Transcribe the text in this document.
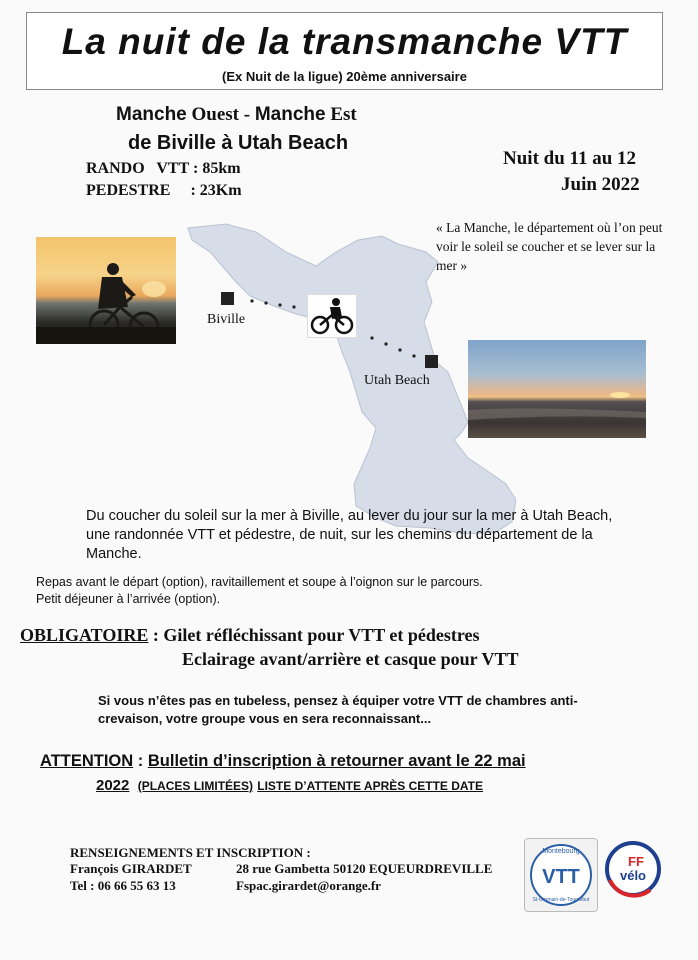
La nuit de la transmanche VTT
(Ex Nuit de la ligue) 20ème anniversaire
Manche Ouest - Manche Est
de Biville à Utah Beach
RANDO   VTT : 85km
PEDESTRE     : 23Km
Nuit du 11 au 12
Juin 2022
« La Manche, le département où l’on peut voir le soleil se coucher et se lever sur la mer »
Biville
Utah Beach
Du coucher du soleil sur la mer à Biville, au lever du jour sur la mer à Utah Beach, une randonnée VTT et pédestre, de nuit, sur les chemins du département de la Manche.
Repas avant le départ (option), ravitaillement et soupe à l’oignon sur le parcours.
Petit déjeuner à l’arrivée (option).
OBLIGATOIRE : Gilet réfléchissant pour VTT et pédestres
Eclairage avant/arrière et casque pour VTT
Si vous n’êtes pas en tubeless, pensez à équiper votre VTT de chambres anti-crevaison, votre groupe vous en sera reconnaissant...
ATTENTION : Bulletin d’inscription à retourner avant le 22 mai
2022 (PLACES LIMITÉES) LISTE D’ATTENTE APRÈS CETTE DATE
RENSEIGNEMENTS ET INSCRIPTION :
François GIRARDET	28 rue Gambetta 50120 EQUEURDREVILLE
Tel : 06 66 55 63 13	Fspac.girardet@orange.fr
Montebourg
VTT
St-Germain-de-Tournebut
FF
vélo
